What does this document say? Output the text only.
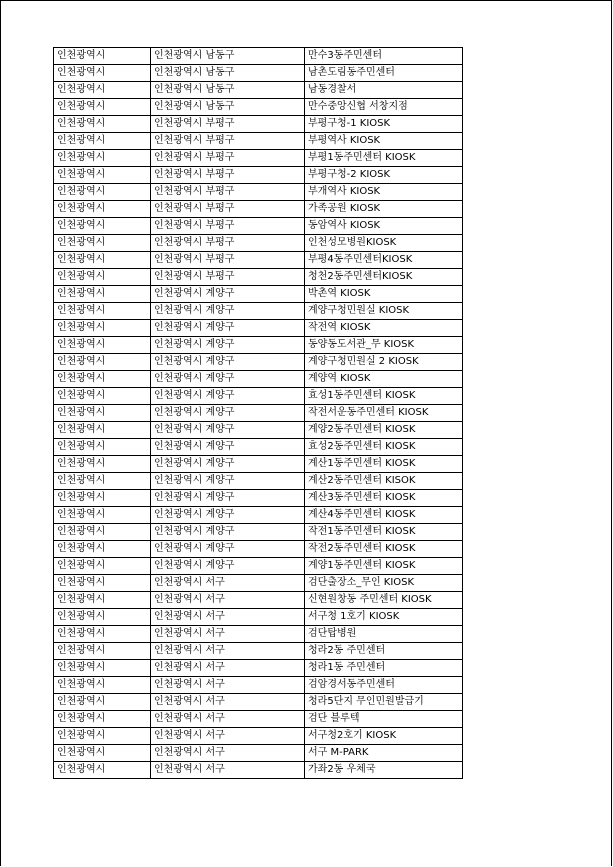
인천광역시	인천광역시 남동구	만수3동주민센터
인천광역시	인천광역시 남동구	남촌도림동주민센터
인천광역시	인천광역시 남동구	남동경찰서
인천광역시	인천광역시 남동구	만수중앙신협 서창지점
인천광역시	인천광역시 부평구	부평구청-1 KIOSK
인천광역시	인천광역시 부평구	부평역사 KIOSK
인천광역시	인천광역시 부평구	부평1동주민센터 KIOSK
인천광역시	인천광역시 부평구	부평구청-2 KIOSK
인천광역시	인천광역시 부평구	부개역사 KIOSK
인천광역시	인천광역시 부평구	가족공원 KIOSK
인천광역시	인천광역시 부평구	동암역사 KIOSK
인천광역시	인천광역시 부평구	인천성모병원KIOSK
인천광역시	인천광역시 부평구	부평4동주민센터KIOSK
인천광역시	인천광역시 부평구	청천2동주민센터KIOSK
인천광역시	인천광역시 계양구	박촌역 KIOSK
인천광역시	인천광역시 계양구	계양구청민원실 KIOSK
인천광역시	인천광역시 계양구	작전역 KIOSK
인천광역시	인천광역시 계양구	동양동도서관_무 KIOSK
인천광역시	인천광역시 계양구	계양구청민원실 2 KIOSK
인천광역시	인천광역시 계양구	계양역 KIOSK
인천광역시	인천광역시 계양구	효성1동주민센터 KIOSK
인천광역시	인천광역시 계양구	작전서운동주민센터 KIOSK
인천광역시	인천광역시 계양구	계양2동주민센터 KIOSK
인천광역시	인천광역시 계양구	효성2동주민센터 KIOSK
인천광역시	인천광역시 계양구	계산1동주민센터 KIOSK
인천광역시	인천광역시 계양구	계산2동주민센터 KISOK
인천광역시	인천광역시 계양구	계산3동주민센터 KIOSK
인천광역시	인천광역시 계양구	계산4동주민센터 KIOSK
인천광역시	인천광역시 계양구	작전1동주민센터 KIOSK
인천광역시	인천광역시 계양구	작전2동주민센터 KIOSK
인천광역시	인천광역시 계양구	계양1동주민센터 KIOSK
인천광역시	인천광역시 서구	검단출장소_무인 KIOSK
인천광역시	인천광역시 서구	신현원창동 주민센터 KIOSK
인천광역시	인천광역시 서구	서구청 1호기 KIOSK
인천광역시	인천광역시 서구	검단탑병원
인천광역시	인천광역시 서구	청라2동 주민센터
인천광역시	인천광역시 서구	청라1동 주민센터
인천광역시	인천광역시 서구	검암경서동주민센터
인천광역시	인천광역시 서구	청라5단지 무인민원발급기
인천광역시	인천광역시 서구	검단 블루텍
인천광역시	인천광역시 서구	서구청2호기 KIOSK
인천광역시	인천광역시 서구	서구 M-PARK
인천광역시	인천광역시 서구	가좌2동 우체국
